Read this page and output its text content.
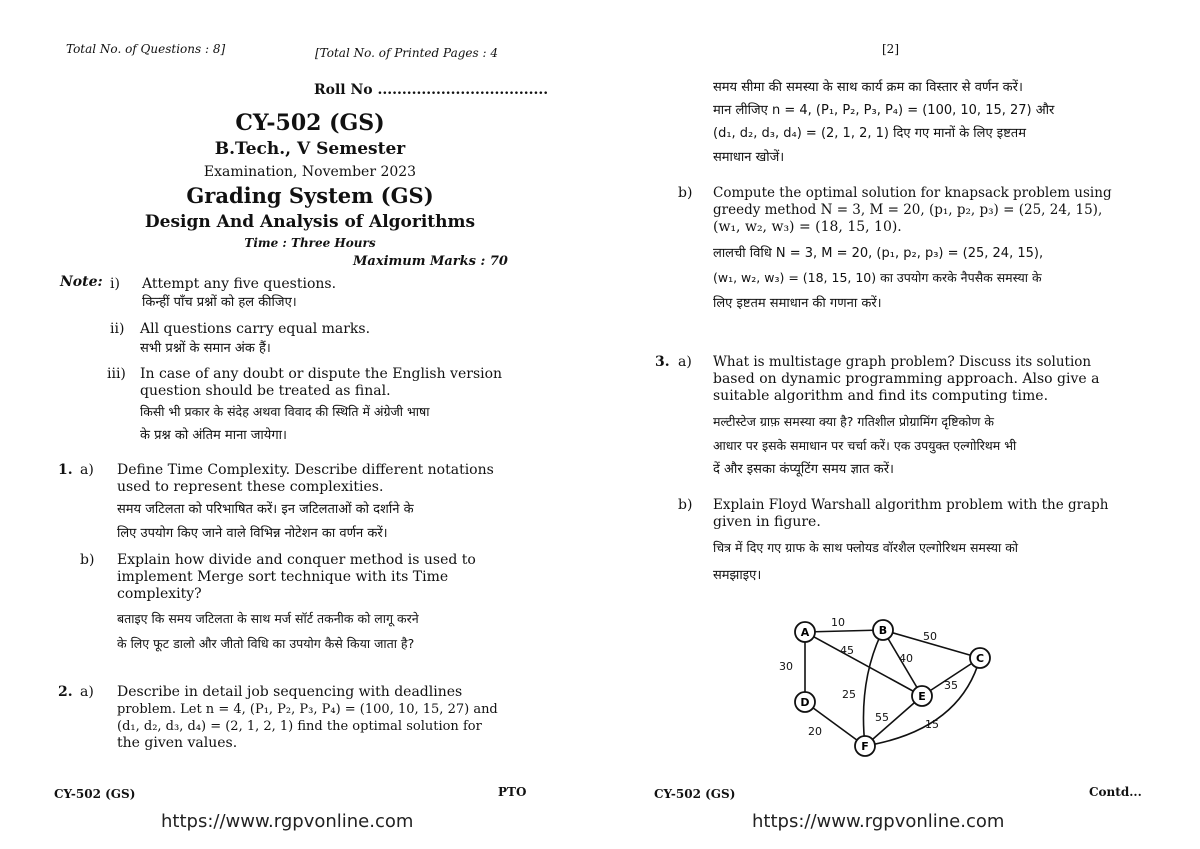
Total No. of Questions : 8]	[Total No. of Printed Pages : 4
Roll No ...................................
CY-502 (GS)
B.Tech., V Semester
Examination, November 2023
Grading System (GS)
Design And Analysis of Algorithms
Time : Three Hours
Maximum Marks : 70
Note: i) Attempt any five questions.
किन्हीं पाँच प्रश्नों को हल कीजिए।
ii) All questions carry equal marks.
सभी प्रश्नों के समान अंक हैं।
iii) In case of any doubt or dispute the English version
question should be treated as final.
किसी भी प्रकार के संदेह अथवा विवाद की स्थिति में अंग्रेजी भाषा
के प्रश्न को अंतिम माना जायेगा।
1. a) Define Time Complexity. Describe different notations
used to represent these complexities.
समय जटिलता को परिभाषित करें। इन जटिलताओं को दर्शाने के
लिए उपयोग किए जाने वाले विभिन्न नोटेशन का वर्णन करें।
b) Explain how divide and conquer method is used to
implement Merge sort technique with its Time
complexity?
बताइए कि समय जटिलता के साथ मर्ज सॉर्ट तकनीक को लागू करने
के लिए फूट डालो और जीतो विधि का उपयोग कैसे किया जाता है?
2. a) Describe in detail job sequencing with deadlines
problem. Let n = 4, (P₁, P₂, P₃, P₄) = (100, 10, 15, 27) and
(d₁, d₂, d₃, d₄) = (2, 1, 2, 1) find the optimal solution for
the given values.
CY-502 (GS)	PTO
https://www.rgpvonline.com
[2]
समय सीमा की समस्या के साथ कार्य क्रम का विस्तार से वर्णन करें।
मान लीजिए n = 4, (P₁, P₂, P₃, P₄) = (100, 10, 15, 27) और
(d₁, d₂, d₃, d₄) = (2, 1, 2, 1) दिए गए मानों के लिए इष्टतम
समाधान खोजें।
b) Compute the optimal solution for knapsack problem using
greedy method N = 3, M = 20, (p₁, p₂, p₃) = (25, 24, 15),
(w₁, w₂, w₃) = (18, 15, 10).
लालची विधि N = 3, M = 20, (p₁, p₂, p₃) = (25, 24, 15),
(w₁, w₂, w₃) = (18, 15, 10) का उपयोग करके नैपसैक समस्या के
लिए इष्टतम समाधान की गणना करें।
3. a) What is multistage graph problem? Discuss its solution
based on dynamic programming approach. Also give a
suitable algorithm and find its computing time.
मल्टीस्टेज ग्राफ़ समस्या क्या है? गतिशील प्रोग्रामिंग दृष्टिकोण के
आधार पर इसके समाधान पर चर्चा करें। एक उपयुक्त एल्गोरिथम भी
दें और इसका कंप्यूटिंग समय ज्ञात करें।
b) Explain Floyd Warshall algorithm problem with the graph
given in figure.
चित्र में दिए गए ग्राफ के साथ फ्लोयड वॉरशैल एल्गोरिथम समस्या को
समझाइए।
10
50
30
45
40
25
35
20
55
15
A	B
C
D	E
F
CY-502 (GS)	Contd...
https://www.rgpvonline.com
